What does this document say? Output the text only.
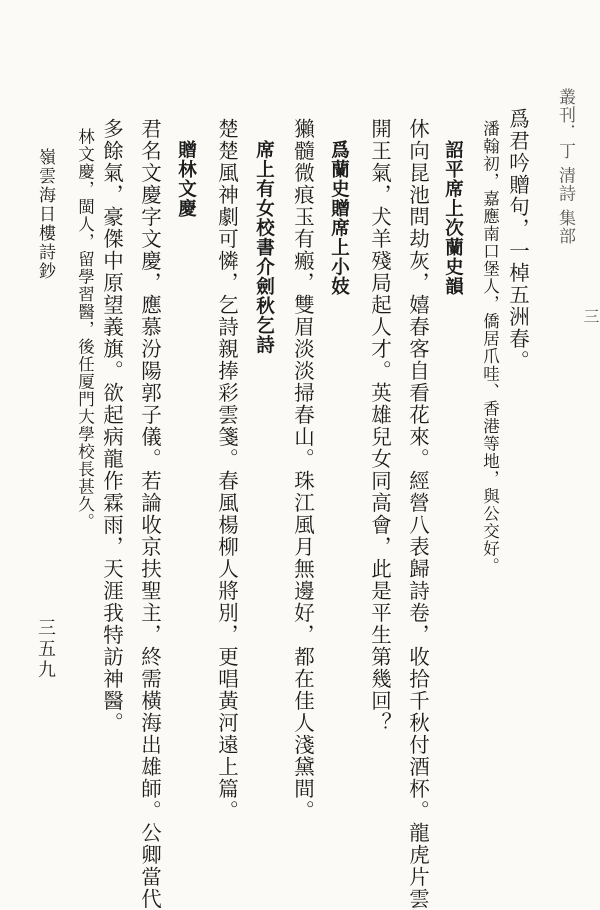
叢刊．丁 清詩 集部
三
爲君吟贈句，一棹五洲春。
潘翰初，嘉應南口堡人，僑居爪哇、香港等地，與公交好。
詔平席上次蘭史韻
休向昆池問劫灰，嬉春客自看花來。經營八表歸詩卷，收拾千秋付酒杯。龍虎片雲
開王氣，犬羊殘局起人才。英雄兒女同高會，此是平生第幾回？
爲蘭史贈席上小妓
獺髓微痕玉有瘢，雙眉淡淡掃春山。珠江風月無邊好，都在佳人淺黛間。
席上有女校書介劍秋乞詩
楚楚風神劇可憐，乞詩親捧彩雲箋。春風楊柳人將別，更唱黃河遠上篇。
贈林文慶
君名文慶字文慶，應慕汾陽郭子儀。若論收京扶聖主，終需橫海出雄師。公卿當代
多餘氣，豪傑中原望義旗。欲起病龍作霖雨，天涯我特訪神醫。
林文慶，閩人，留學習醫，後任厦門大學校長甚久。
嶺雲海日樓詩鈔
三五九
